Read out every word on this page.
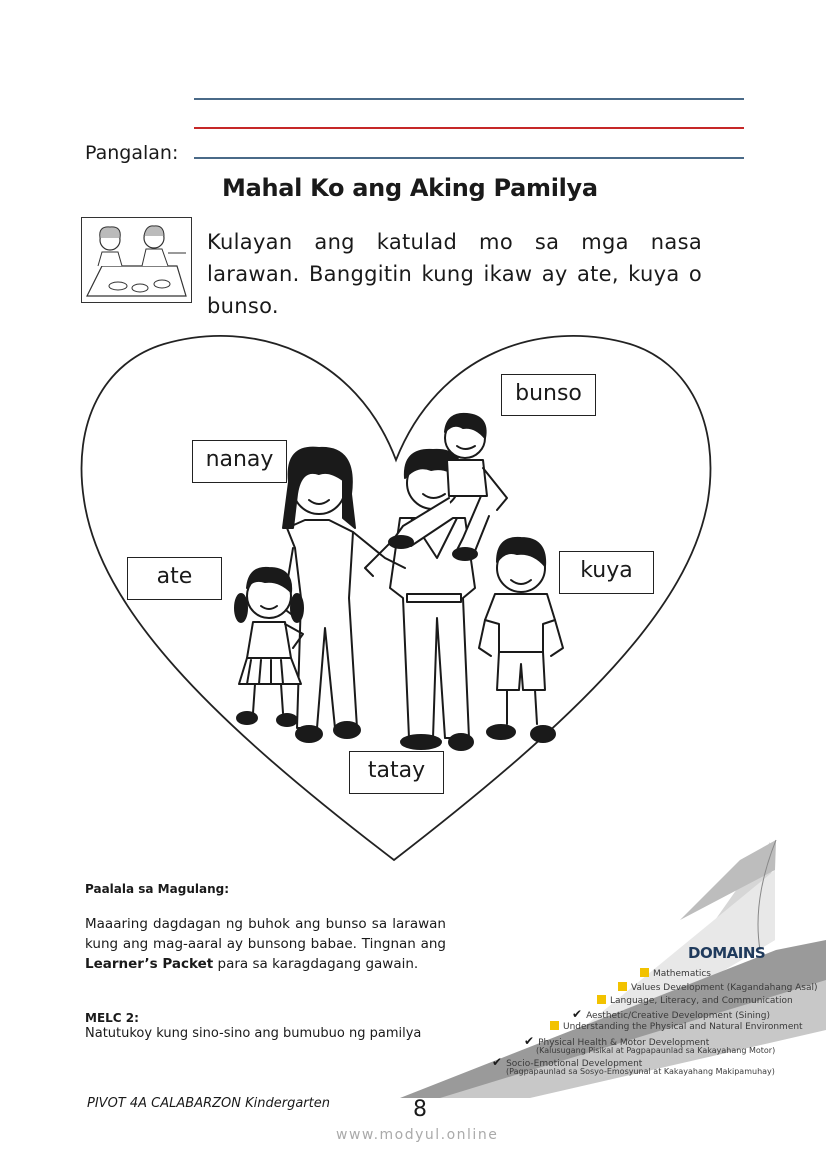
Pangalan:
Mahal Ko ang Aking Pamilya
Kulayan ang katulad mo sa mga nasa larawan. Banggitin kung ikaw ay ate, kuya o bunso.
bunso
nanay
ate	kuya
tatay
DOMAINS
Mathematics
Values Development (Kagandahang Asal)
Language, Literacy, and Communication
✔ Aesthetic/Creative Development (Sining)
Understanding the Physical and Natural Environment
✔ Physical Health & Motor Development
(Kalusugang Pisikal at Pagpapaunlad sa Kakayahang Motor)
✔ Socio-Emotional Development
(Pagpapaunlad sa Sosyo-Emosyunal at Kakayahang Makipamuhay)
Paalala sa Magulang:
Maaaring dagdagan ng buhok ang bunso sa larawan kung ang mag-aaral ay bunsong babae. Tingnan ang Learner’s Packet para sa karagdagang gawain.
MELC 2:
Natutukoy kung sino-sino ang bumubuo ng pamilya
PIVOT 4A CALABARZON Kindergarten	8
www.modyul.online
